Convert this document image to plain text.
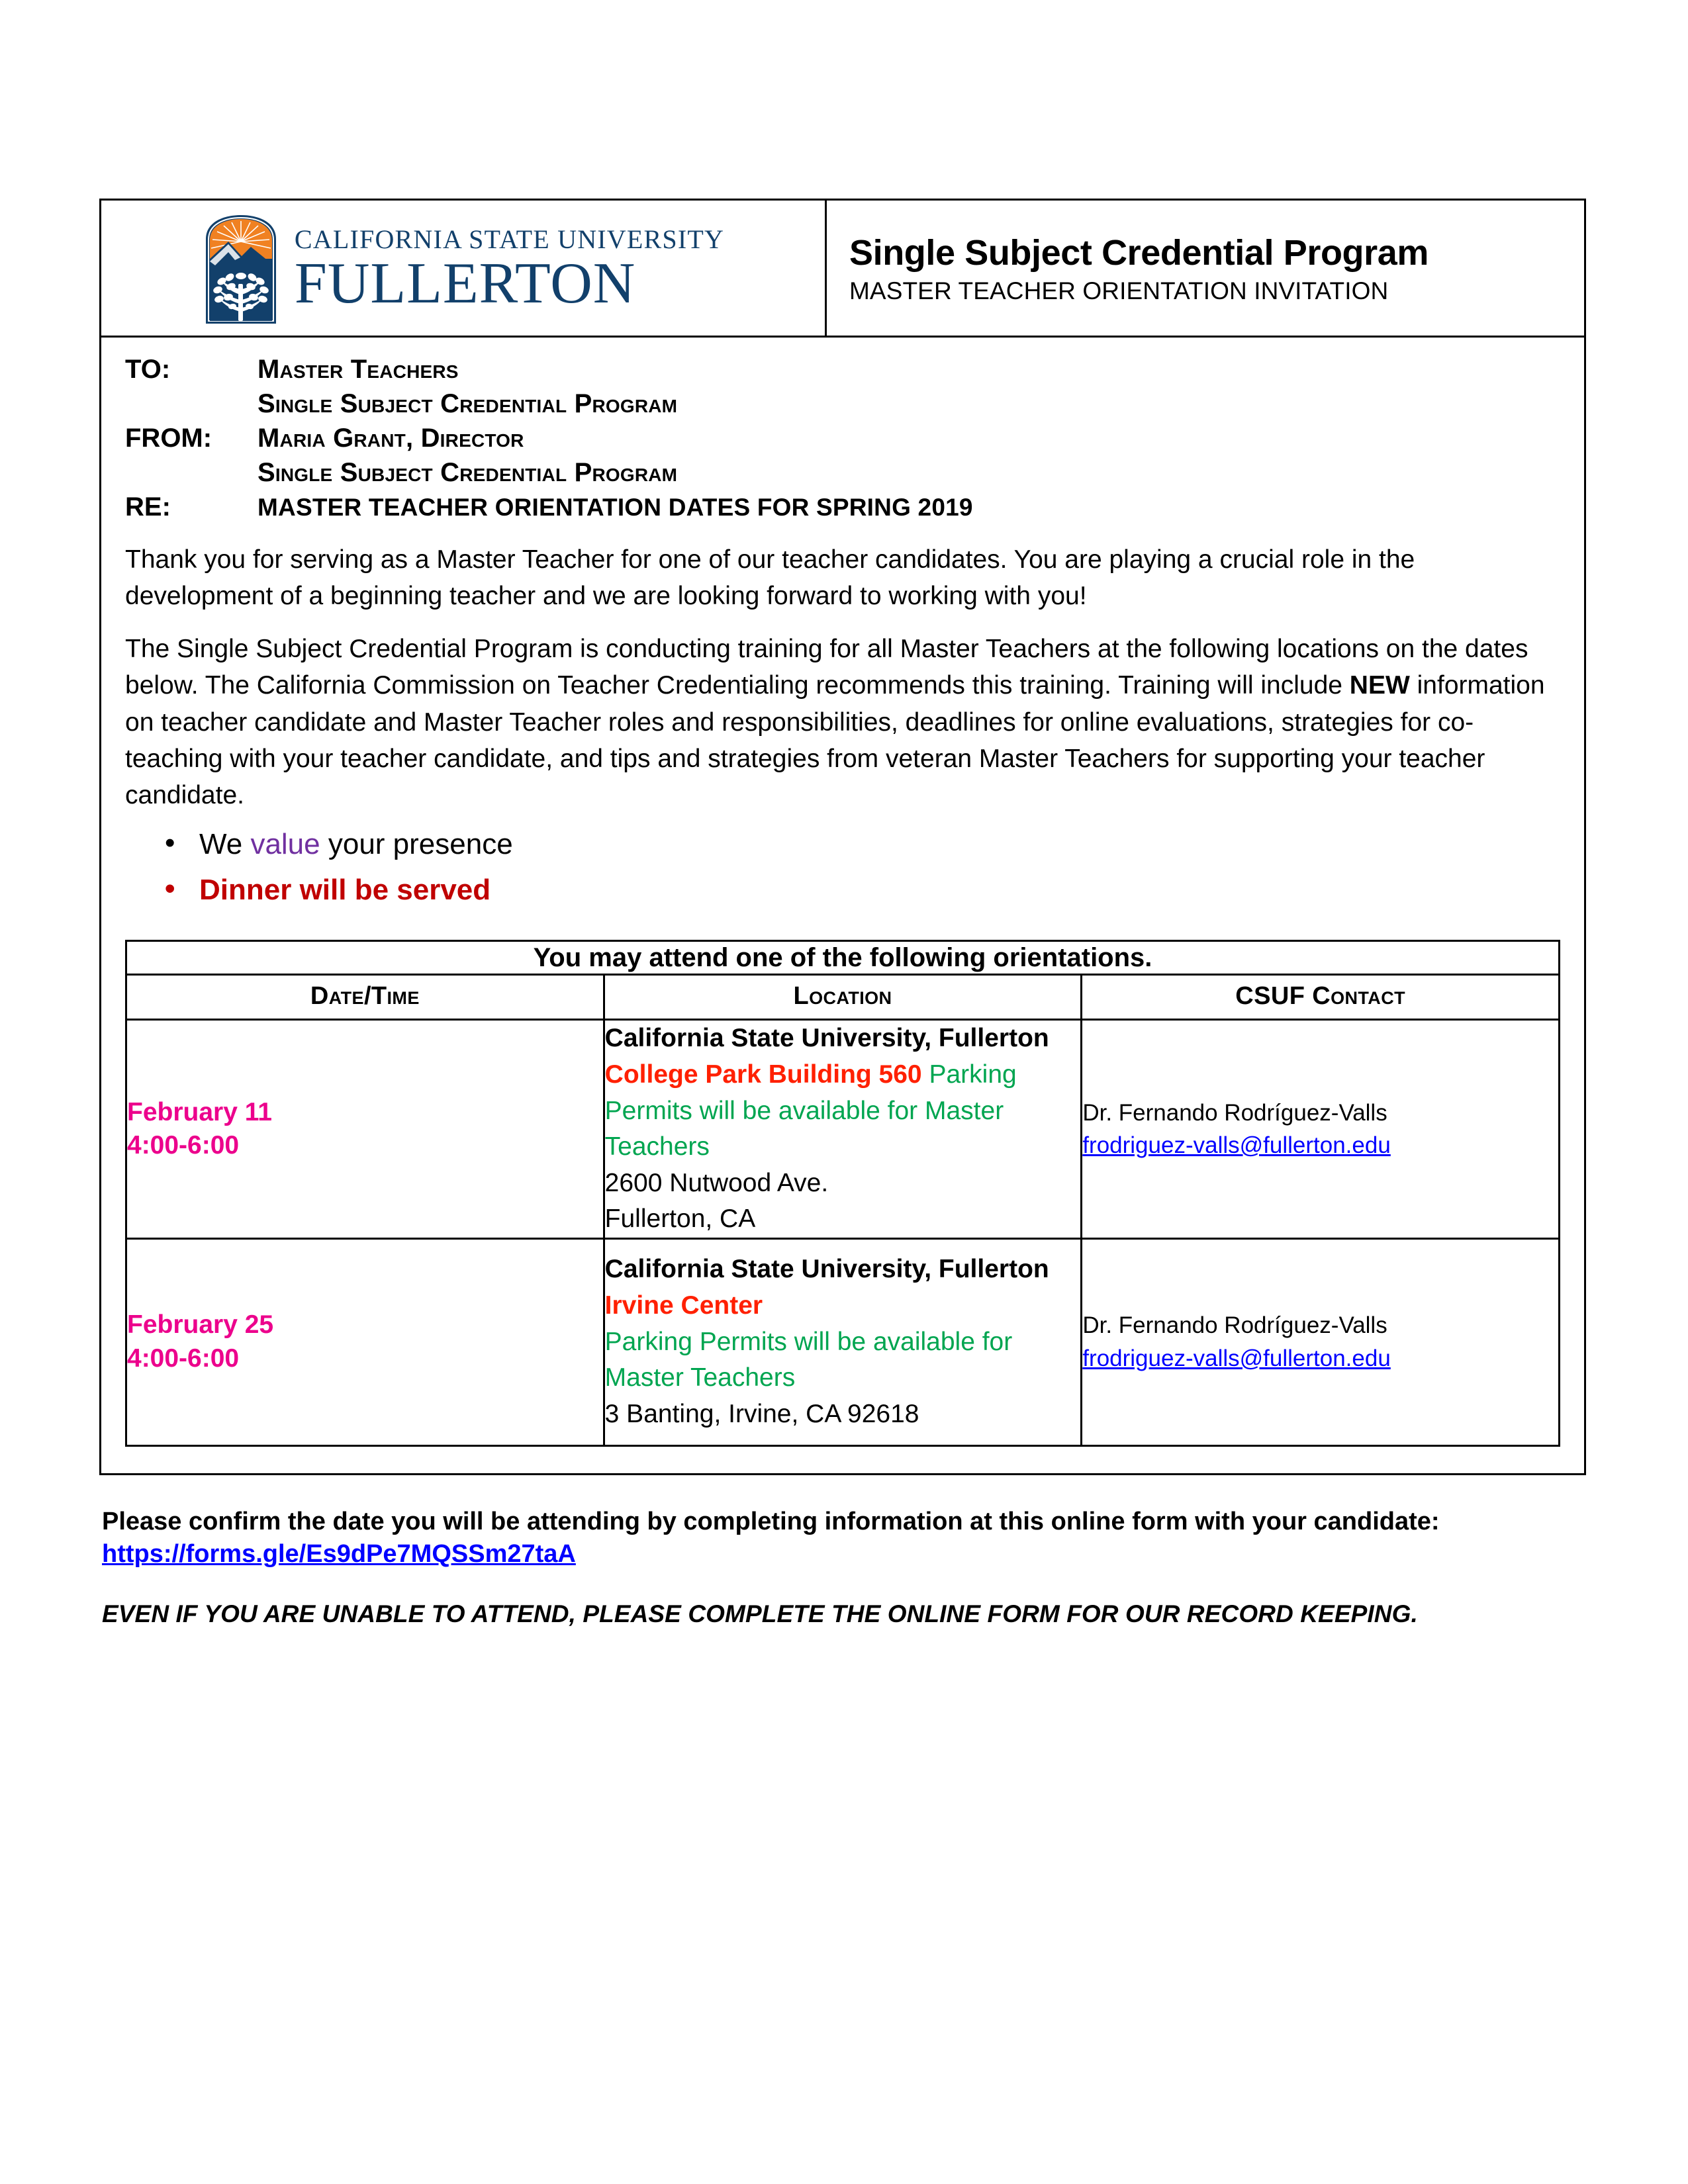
CALIFORNIA STATE UNIVERSITY
FULLERTON	Single Subject Credential Program
MASTER TEACHER ORIENTATION INVITATION
TO:	Master Teachers
Single Subject Credential Program
FROM:	Maria Grant, Director
Single Subject Credential Program
RE:	MASTER TEACHER ORIENTATION DATES FOR SPRING 2019

Thank you for serving as a Master Teacher for one of our teacher candidates. You are playing a crucial role in the development of a beginning teacher and we are looking forward to working with you!

The Single Subject Credential Program is conducting training for all Master Teachers at the following locations on the dates below. The California Commission on Teacher Credentialing recommends this training. Training will include NEW information on teacher candidate and Master Teacher roles and responsibilities, deadlines for online evaluations, strategies for co-teaching with your teacher candidate, and tips and strategies from veteran Master Teachers for supporting your teacher candidate.

• We value your presence
• Dinner will be served
You may attend one of the following orientations.		
Date/Time	Location	CSUF Contact
February 11
4:00-6:00	California State University, Fullerton
College Park Building 560 Parking Permits will be available for Master Teachers
2600 Nutwood Ave.
Fullerton, CA	Dr. Fernando Rodríguez-Valls
frodriguez-valls@fullerton.edu
February 25
4:00-6:00	California State University, Fullerton
Irvine Center
Parking Permits will be available for Master Teachers
3 Banting, Irvine, CA 92618	Dr. Fernando Rodríguez-Valls
frodriguez-valls@fullerton.edu
Please confirm the date you will be attending by completing information at this online form with your candidate:
https://forms.gle/Es9dPe7MQSSm27taA
EVEN IF YOU ARE UNABLE TO ATTEND, PLEASE COMPLETE THE ONLINE FORM FOR OUR RECORD KEEPING.
